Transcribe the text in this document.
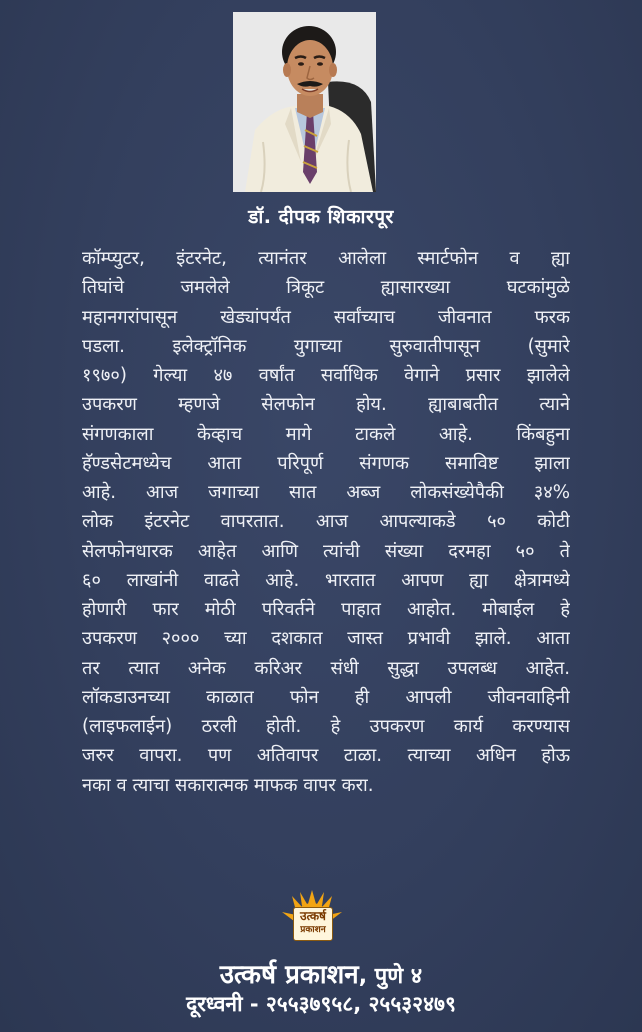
डॉ. दीपक शिकारपूर
कॉम्प्युटर, इंटरनेट, त्यानंतर आलेला स्मार्टफोन व ह्या
तिघांचे जमलेले त्रिकूट ह्यासारख्या घटकांमुळे
महानगरांपासून खेड्यांपर्यंत सर्वांच्याच जीवनात फरक
पडला. इलेक्ट्रॉनिक युगाच्या सुरुवातीपासून (सुमारे
१९७०) गेल्या ४७ वर्षांत सर्वाधिक वेगाने प्रसार झालेले
उपकरण म्हणजे सेलफोन होय. ह्याबाबतीत त्याने
संगणकाला केव्हाच मागे टाकले आहे. किंबहुना
हॅण्डसेटमध्येच आता परिपूर्ण संगणक समाविष्ट झाला
आहे. आज जगाच्या सात अब्ज लोकसंख्येपैकी ३४%
लोक इंटरनेट वापरतात. आज आपल्याकडे ५० कोटी
सेलफोनधारक आहेत आणि त्यांची संख्या दरमहा ५० ते
६० लाखांनी वाढते आहे. भारतात आपण ह्या क्षेत्रामध्ये
होणारी फार मोठी परिवर्तने पाहात आहोत. मोबाईल हे
उपकरण २००० च्या दशकात जास्त प्रभावी झाले. आता
तर त्यात अनेक करिअर संधी सुद्धा उपलब्ध आहेत.
लॉकडाउनच्या काळात फोन ही आपली जीवनवाहिनी
(लाइफलाईन) ठरली होती. हे उपकरण कार्य करण्यास
जरुर वापरा. पण अतिवापर टाळा. त्याच्या अधिन होऊ
नका व त्याचा सकारात्मक माफक वापर करा.
उत्कर्ष
प्रकाशन
उत्कर्ष प्रकाशन, पुणे ४
दूरध्वनी - २५५३७९५८, २५५३२४७९
